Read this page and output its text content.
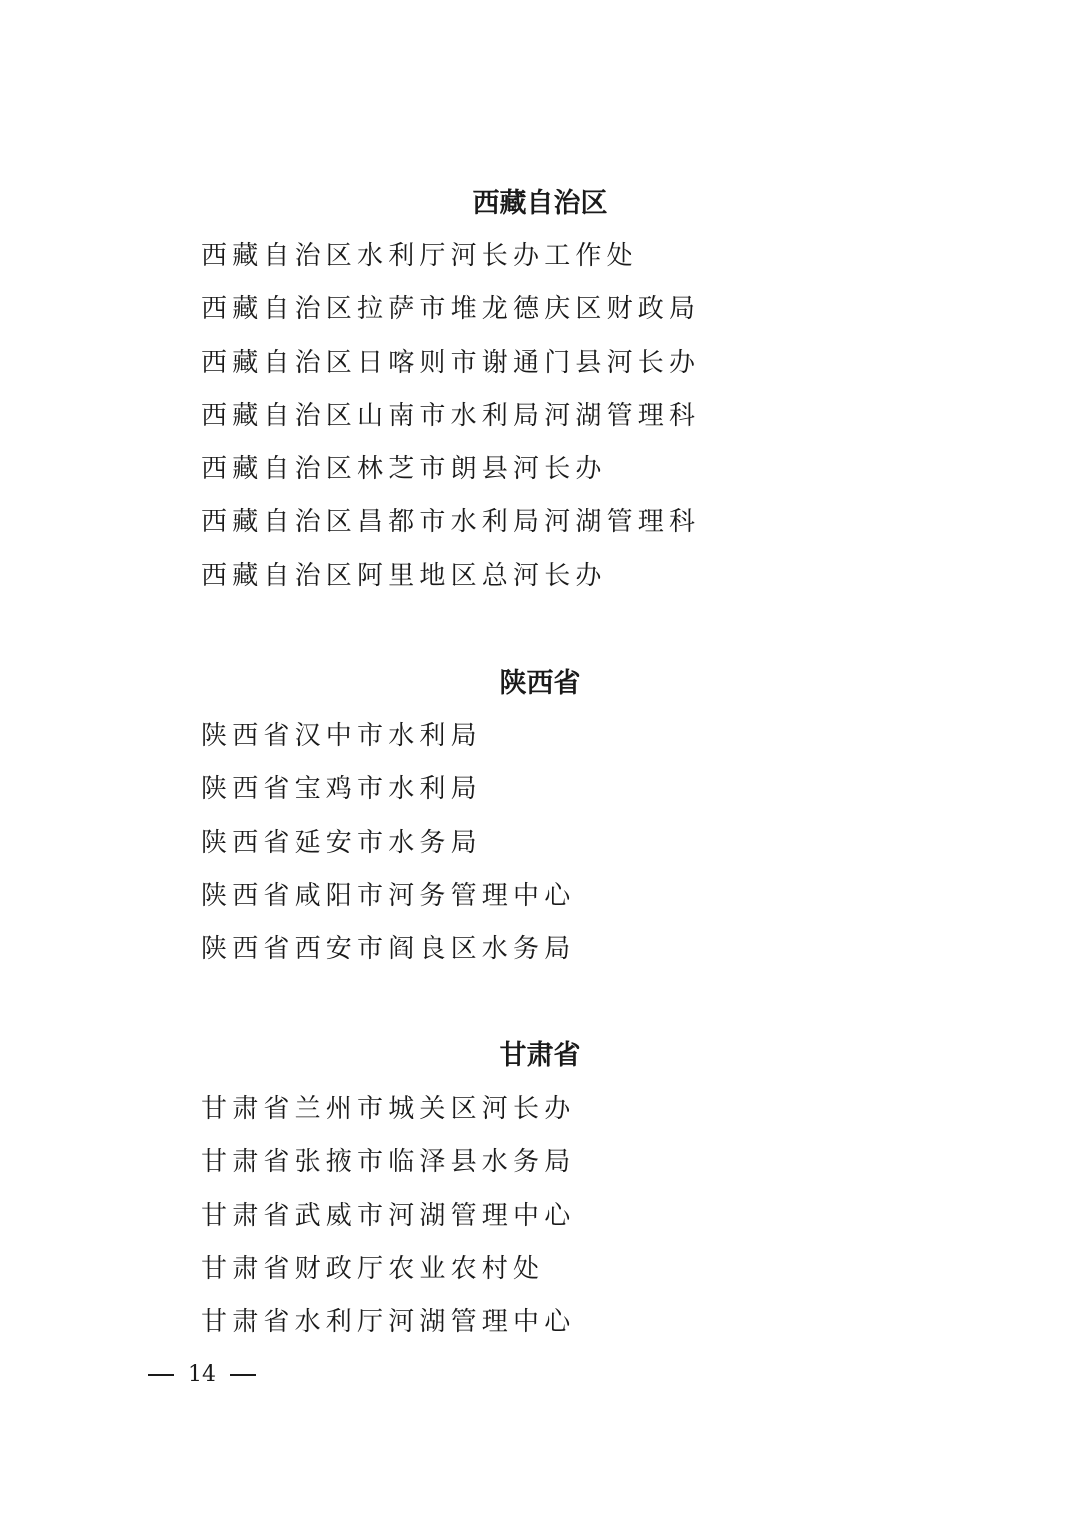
西藏自治区
西藏自治区水利厅河长办工作处
西藏自治区拉萨市堆龙德庆区财政局
西藏自治区日喀则市谢通门县河长办
西藏自治区山南市水利局河湖管理科
西藏自治区林芝市朗县河长办
西藏自治区昌都市水利局河湖管理科
西藏自治区阿里地区总河长办
陕西省
陕西省汉中市水利局
陕西省宝鸡市水利局
陕西省延安市水务局
陕西省咸阳市河务管理中心
陕西省西安市阎良区水务局
甘肃省
甘肃省兰州市城关区河长办
甘肃省张掖市临泽县水务局
甘肃省武威市河湖管理中心
甘肃省财政厅农业农村处
甘肃省水利厅河湖管理中心
14
